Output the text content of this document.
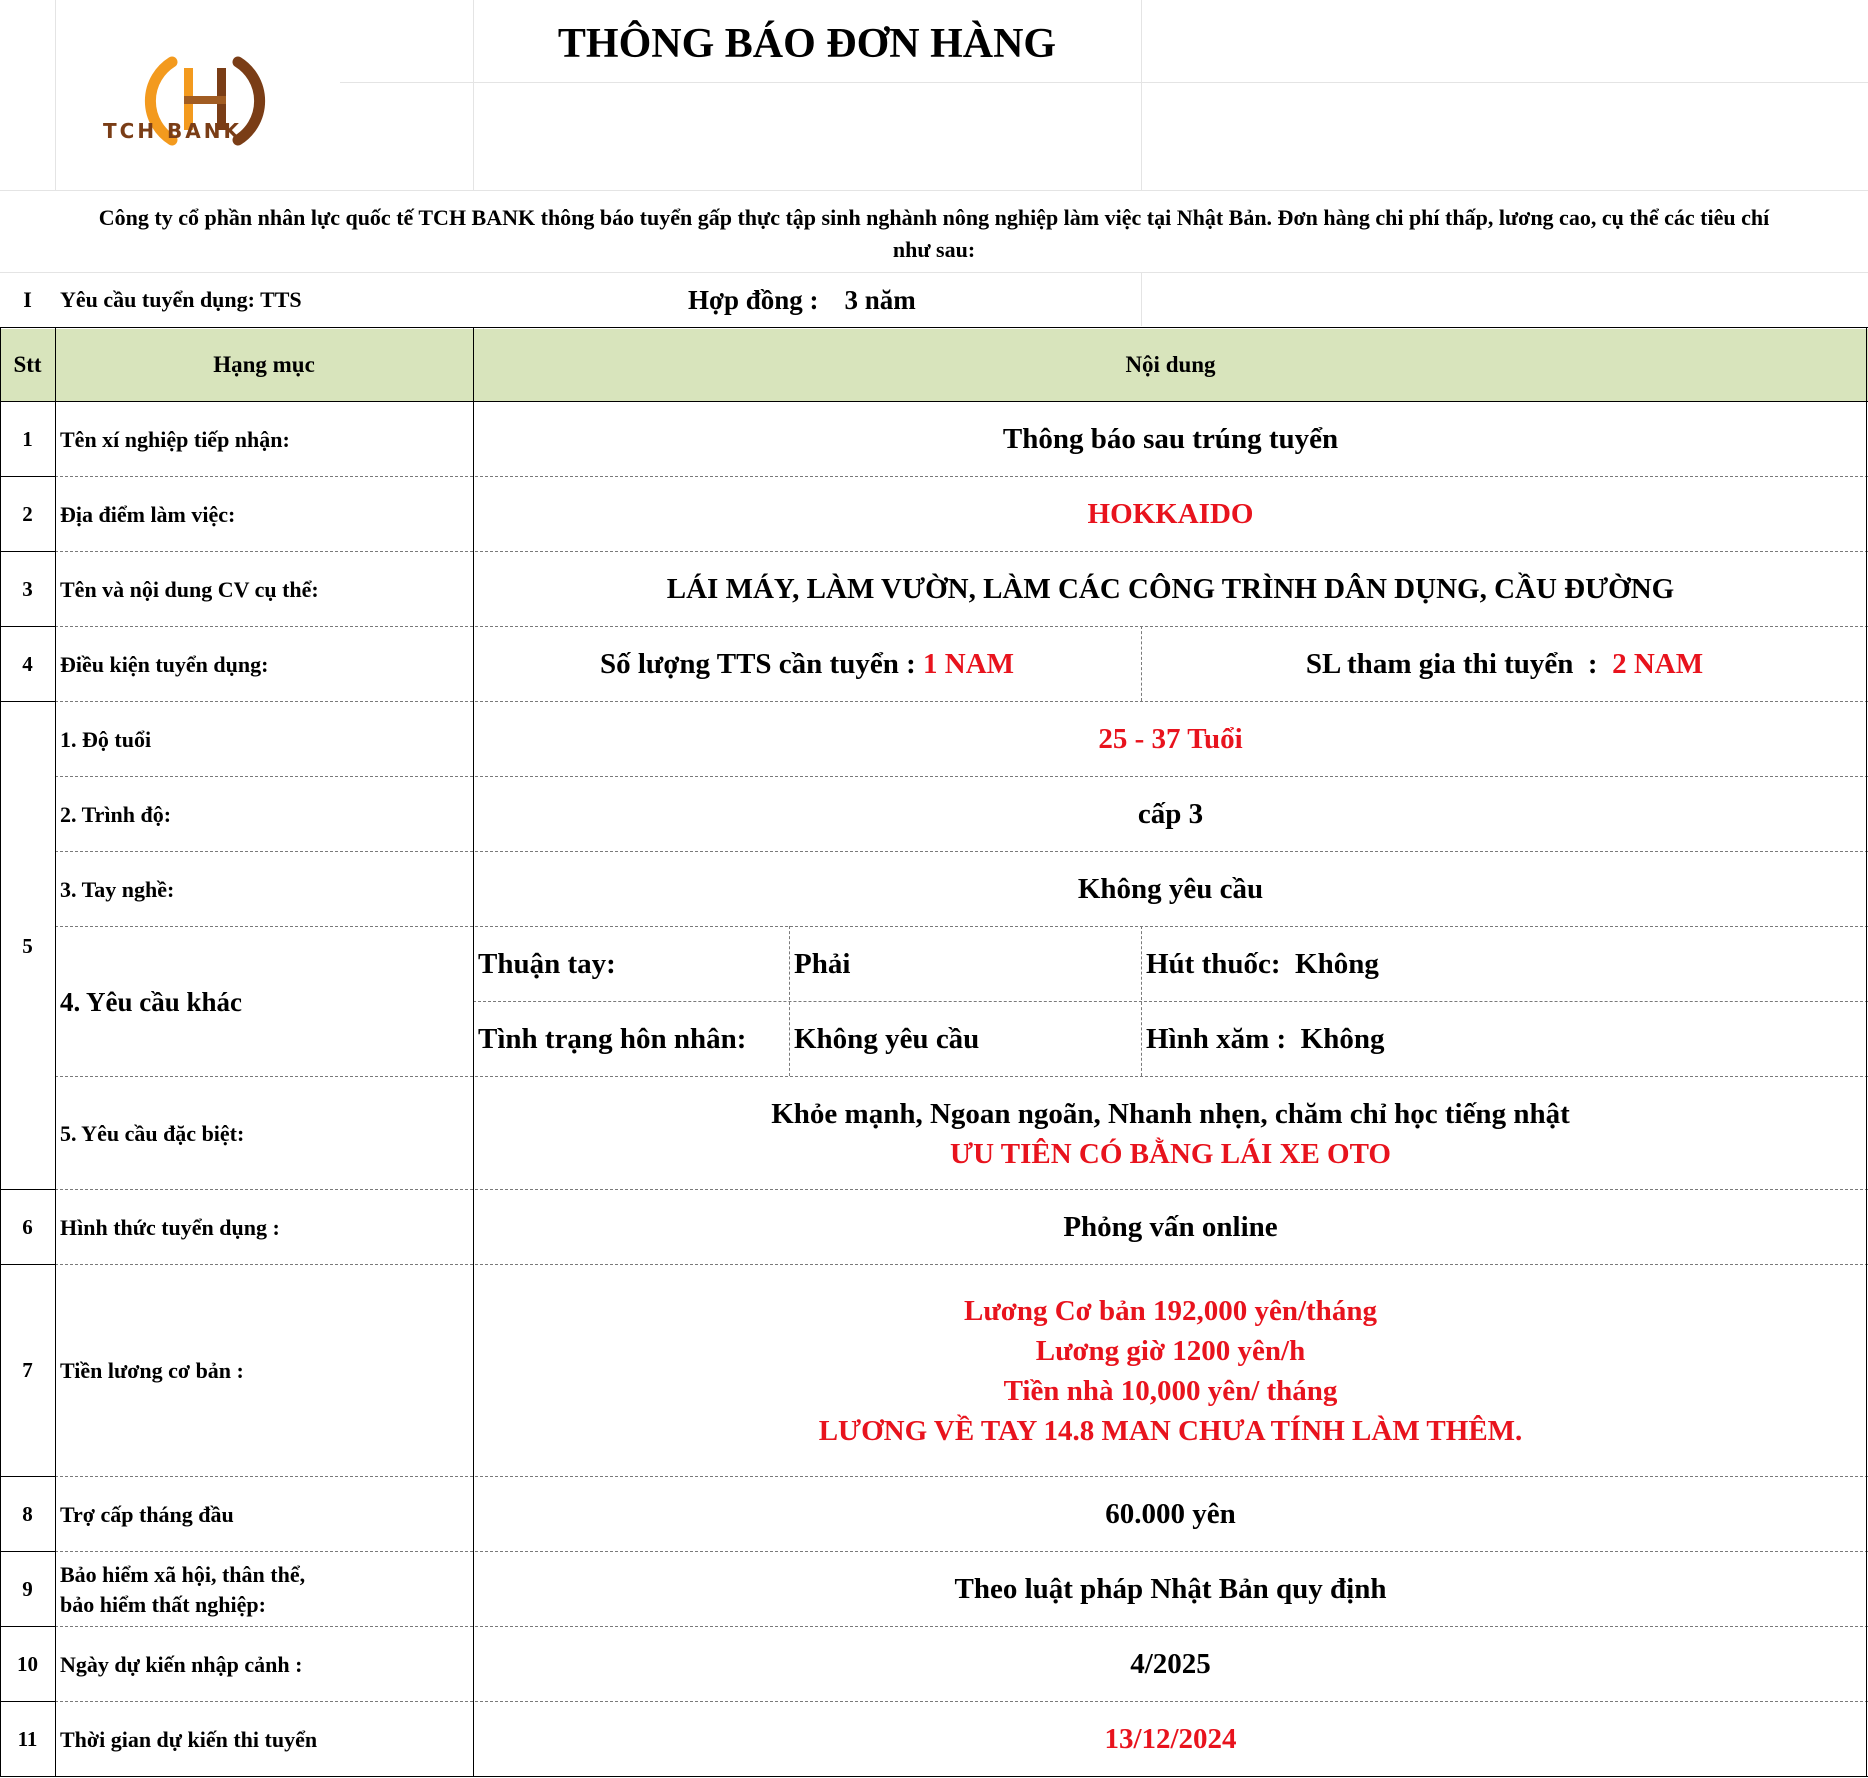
TCH BANK
THÔNG BÁO ĐƠN HÀNG
Công ty cổ phần nhân lực quốc tế TCH BANK thông báo tuyển gấp thực tập sinh nghành nông nghiệp làm việc tại Nhật Bản. Đơn hàng chi phí thấp, lương cao, cụ thể các tiêu chí
như sau:
I	Yêu cầu tuyển dụng: TTS	Hợp đồng : 3 năm
Stt	Hạng mục	Nội dung
1	Tên xí nghiệp tiếp nhận:	Thông báo sau trúng tuyển
2	Địa điểm làm việc:	HOKKAIDO
3	Tên và nội dung CV cụ thể:	LÁI MÁY, LÀM VƯỜN, LÀM CÁC CÔNG TRÌNH DÂN DỤNG, CẦU ĐƯỜNG
4	Điều kiện tuyển dụng:	Số lượng TTS cần tuyển : 1 NAM	SL tham gia thi tuyển  : 2 NAM
5
1. Độ tuổi	25 - 37 Tuổi
2. Trình độ:	cấp 3
3. Tay nghề:	Không yêu cầu
4. Yêu cầu khác
Thuận tay:	Phải	Hút thuốc:  Không
Tình trạng hôn nhân:	Không yêu cầu	Hình xăm :  Không
5. Yêu cầu đặc biệt:
Khỏe mạnh, Ngoan ngoãn, Nhanh nhẹn, chăm chỉ học tiếng nhật
ƯU TIÊN CÓ BẰNG LÁI XE OTO
6	Hình thức tuyển dụng :	Phỏng vấn online
7	Tiền lương cơ bản :
Lương Cơ bản 192,000 yên/tháng
Lương giờ 1200 yên/h
Tiền nhà 10,000 yên/ tháng
LƯƠNG VỀ TAY 14.8 MAN CHƯA TÍNH LÀM THÊM.
8	Trợ cấp tháng đầu	60.000 yên
9
Bảo hiểm xã hội, thân thể,
bảo hiểm thất nghiệp:	Theo luật pháp Nhật Bản quy định
10	Ngày dự kiến nhập cảnh :	4/2025
11	Thời gian dự kiến thi tuyển	13/12/2024
